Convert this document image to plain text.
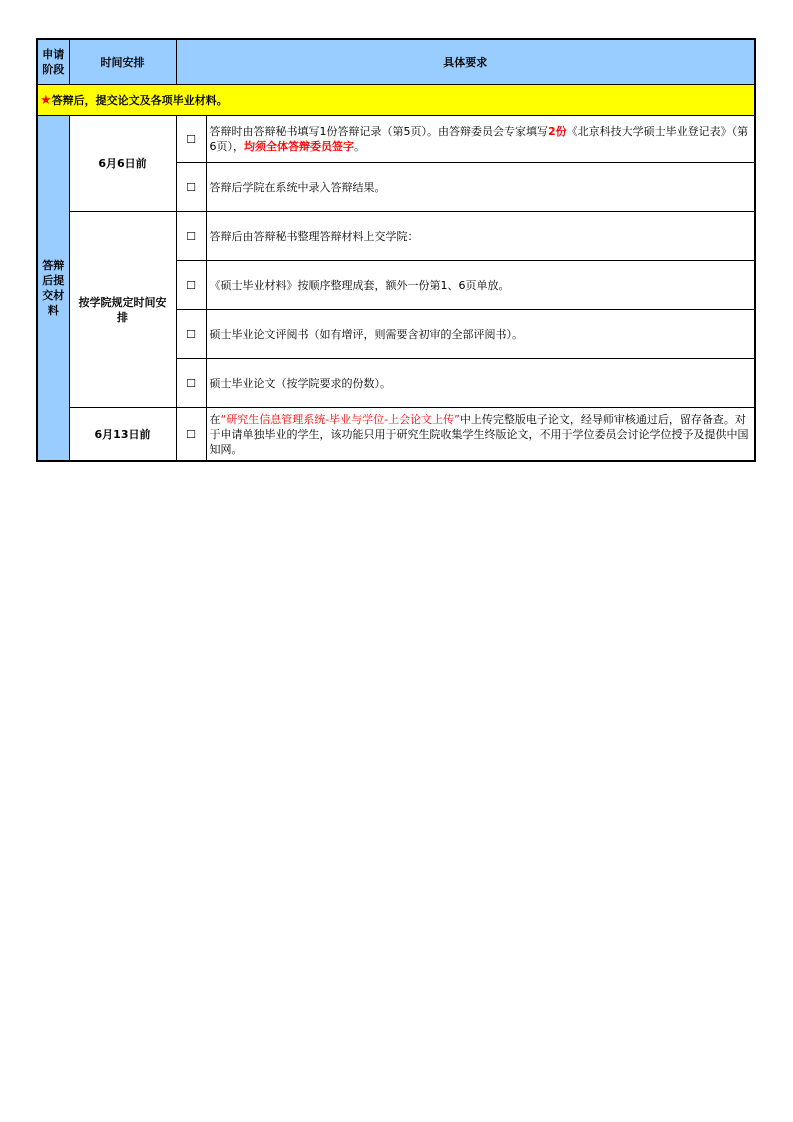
申请阶段	时间安排	具体要求	
★答辩后，提交论文及各项毕业材料。			

答辩后提交材料	6月6日前	☐	答辩时由答辩秘书填写1份答辩记录（第5页）。由答辩委员会专家填写2份《北京科技大学硕士毕业登记表》（第6页），均须全体答辩委员签字。
		☐	答辩后学院在系统中录入答辩结果。

	按学院规定时间安排	☐	答辩后由答辩秘书整理答辩材料上交学院：
		☐	《硕士毕业材料》按顺序整理成套，额外一份第1、6页单放。
		☐	硕士毕业论文评阅书（如有增评，则需要含初审的全部评阅书）。
		☐	硕士毕业论文（按学院要求的份数）。
	6月13日前	☐	在“研究生信息管理系统-毕业与学位-上会论文上传”中上传完整版电子论文，经导师审核通过后，留存备查。对于申请单独毕业的学生，该功能只用于研究生院收集学生终版论文，不用于学位委员会讨论学位授予及提供中国知网。
